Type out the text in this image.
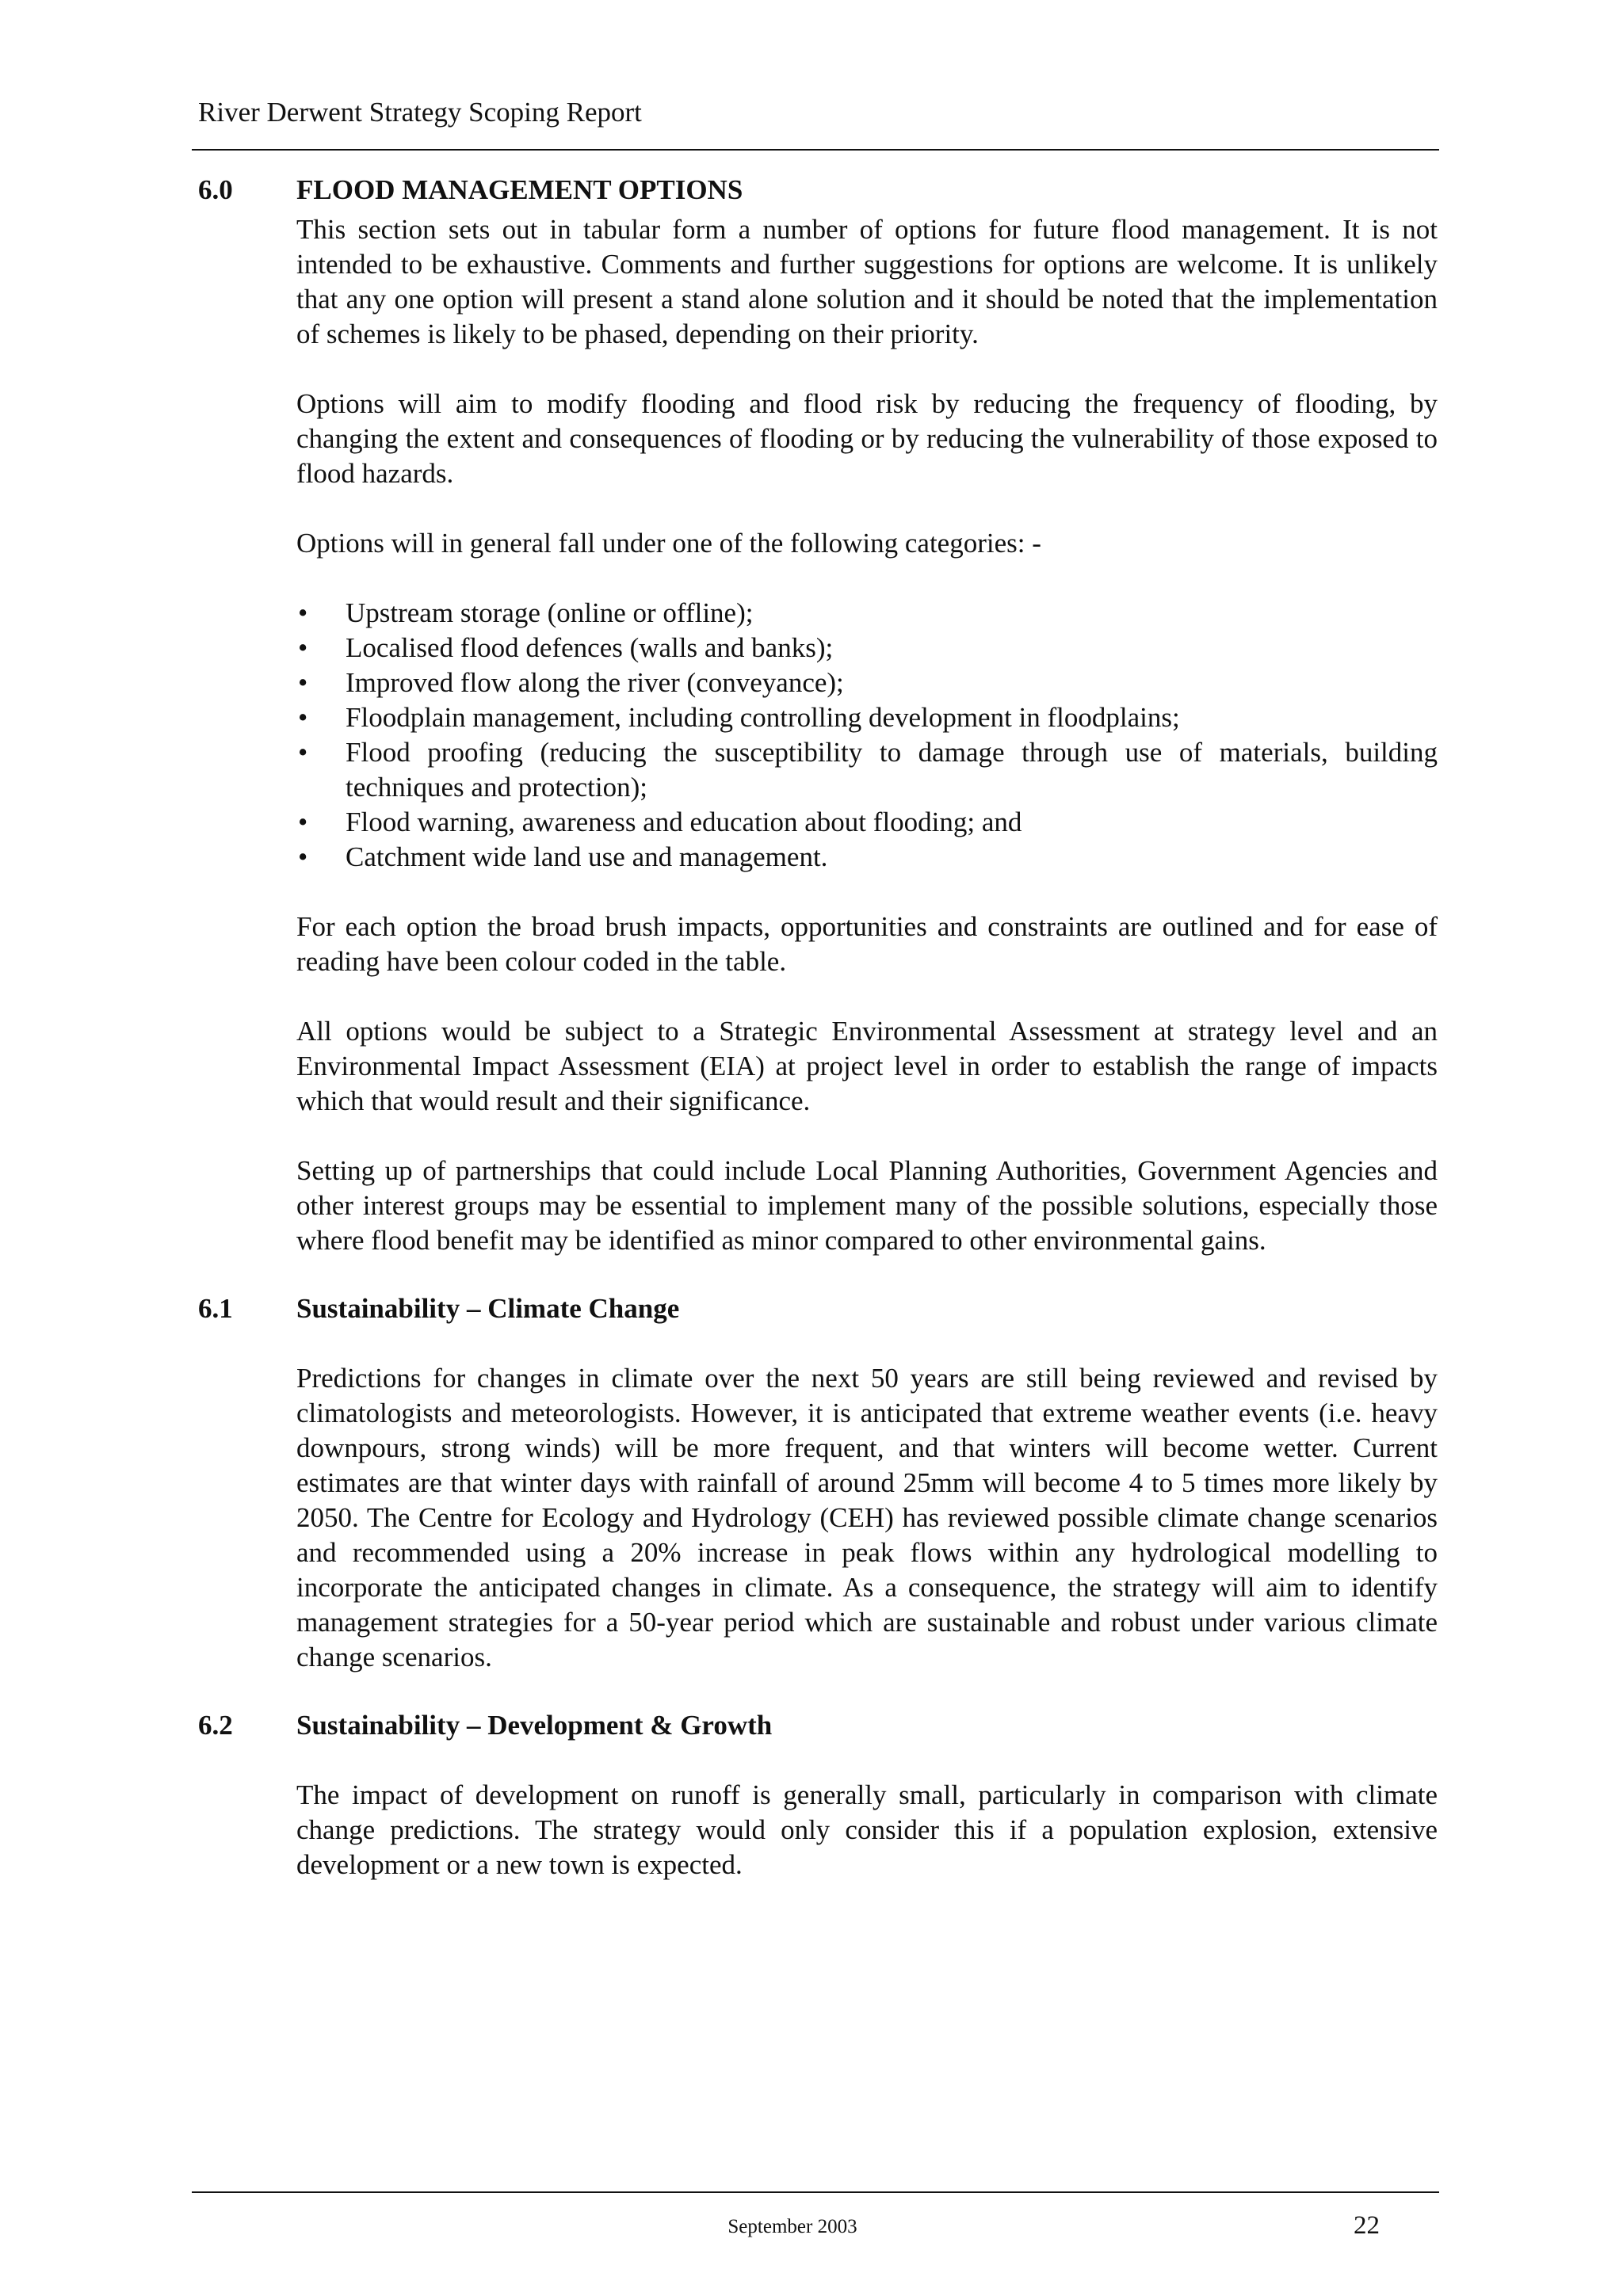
River Derwent Strategy Scoping Report
6.0	FLOOD MANAGEMENT OPTIONS

This section sets out in tabular form a number of options for future flood management. It is not intended to be exhaustive. Comments and further suggestions for options are welcome. It is unlikely that any one option will present a stand alone solution and it should be noted that the implementation of schemes is likely to be phased, depending on their priority.

Options will aim to modify flooding and flood risk by reducing the frequency of flooding, by changing the extent and consequences of flooding or by reducing the vulnerability of those exposed to flood hazards.

Options will in general fall under one of the following categories: -

• Upstream storage (online or offline);
• Localised flood defences (walls and banks);
• Improved flow along the river (conveyance);
• Floodplain management, including controlling development in floodplains;
• Flood proofing (reducing the susceptibility to damage through use of materials, building techniques and protection);
• Flood warning, awareness and education about flooding; and
• Catchment wide land use and management.

For each option the broad brush impacts, opportunities and constraints are outlined and for ease of reading have been colour coded in the table.

All options would be subject to a Strategic Environmental Assessment at strategy level and an Environmental Impact Assessment (EIA) at project level in order to establish the range of impacts which that would result and their significance.

Setting up of partnerships that could include Local Planning Authorities, Government Agencies and other interest groups may be essential to implement many of the possible solutions, especially those where flood benefit may be identified as minor compared to other environmental gains.

6.1	Sustainability – Climate Change

Predictions for changes in climate over the next 50 years are still being reviewed and revised by climatologists and meteorologists. However, it is anticipated that extreme weather events (i.e. heavy downpours, strong winds) will be more frequent, and that winters will become wetter. Current estimates are that winter days with rainfall of around 25mm will become 4 to 5 times more likely by 2050. The Centre for Ecology and Hydrology (CEH) has reviewed possible climate change scenarios and recommended using a 20% increase in peak flows within any hydrological modelling to incorporate the anticipated changes in climate. As a consequence, the strategy will aim to identify management strategies for a 50-year period which are sustainable and robust under various climate change scenarios.

6.2	Sustainability – Development & Growth

The impact of development on runoff is generally small, particularly in comparison with climate change predictions. The strategy would only consider this if a population explosion, extensive development or a new town is expected.

September 2003	22
